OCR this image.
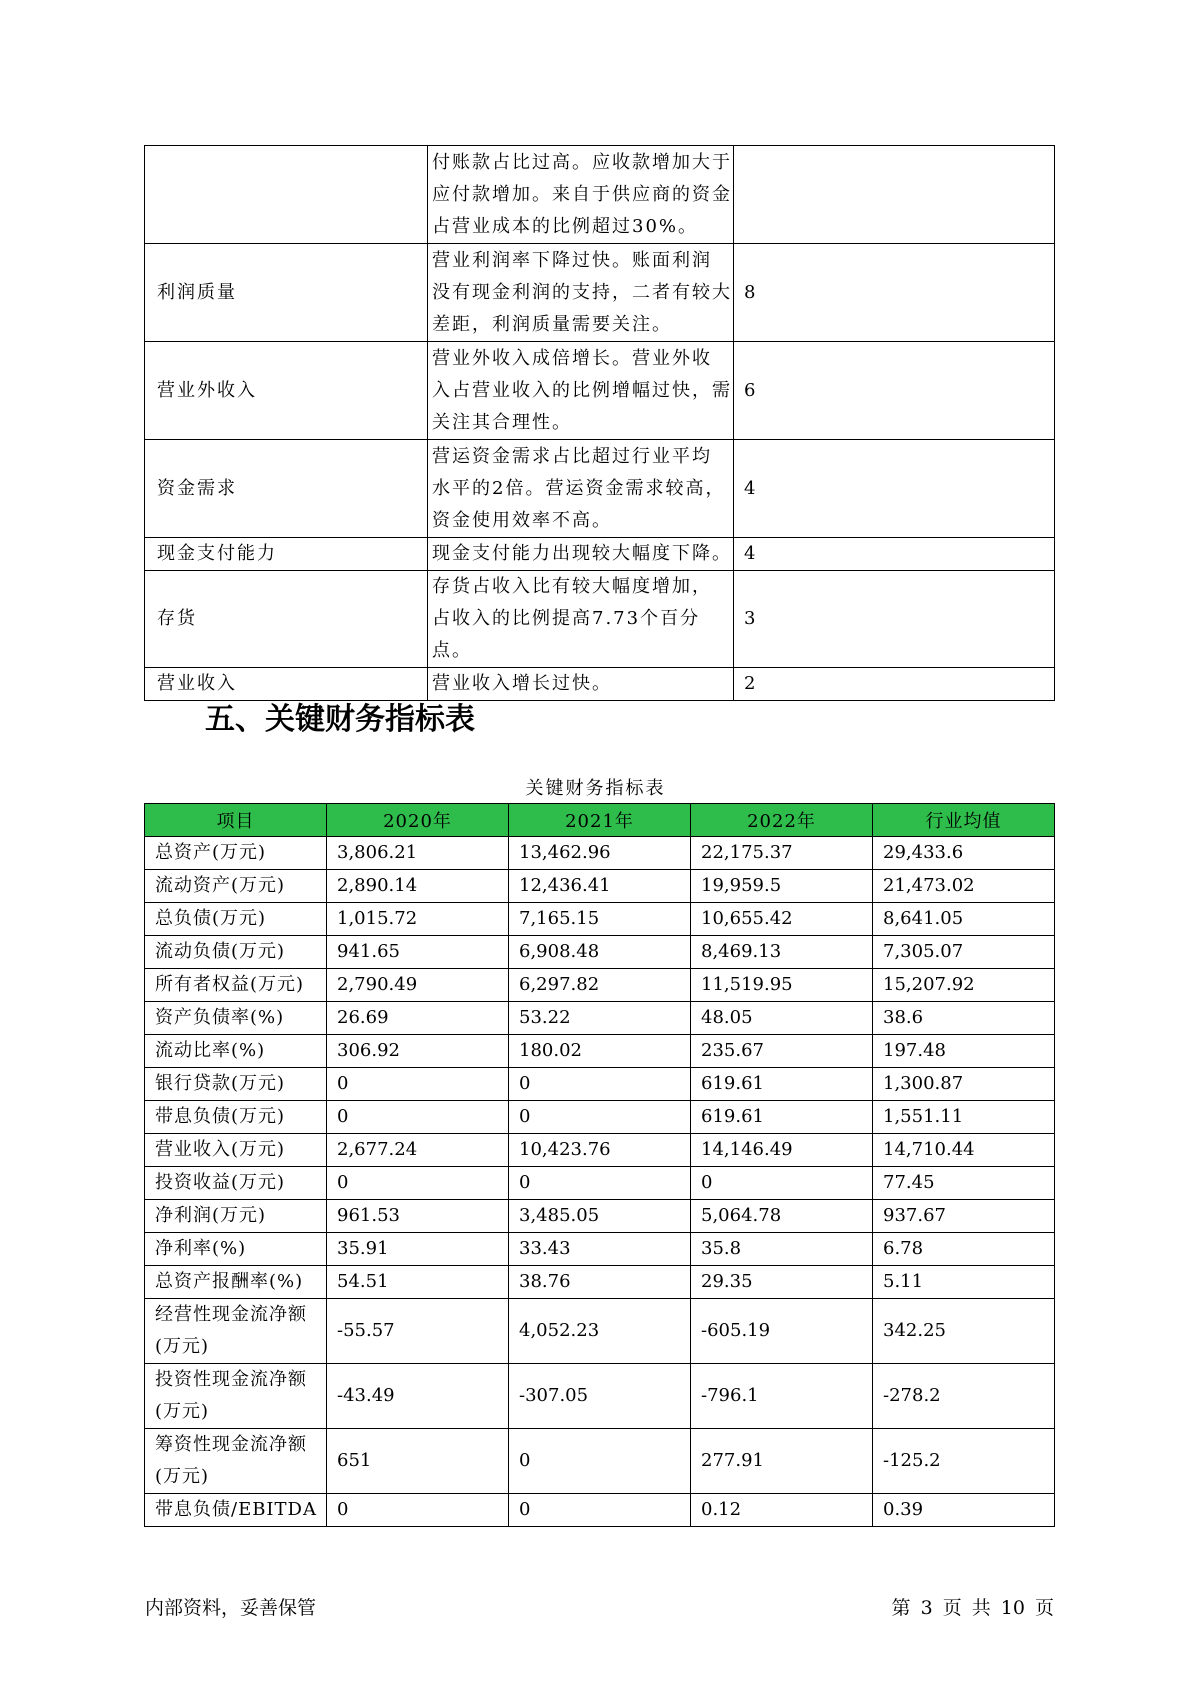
	付账款占比过高。应收款增加大于
应付款增加。来自于供应商的资金
占营业成本的比例超过30%。	
利润质量	营业利润率下降过快。账面利润
没有现金利润的支持，二者有较大
差距，利润质量需要关注。	8
营业外收入	营业外收入成倍增长。营业外收
入占营业收入的比例增幅过快，需
关注其合理性。	6
资金需求	营运资金需求占比超过行业平均
水平的2倍。营运资金需求较高，
资金使用效率不高。	4
现金支付能力	现金支付能力出现较大幅度下降。	4
存货	存货占收入比有较大幅度增加，
占收入的比例提高7.73个百分点。	3
营业收入	营业收入增长过快。	2
五、关键财务指标表
关键财务指标表
项目	2020年	2021年	2022年	行业均值
总资产(万元)	3,806.21	13,462.96	22,175.37	29,433.6
流动资产(万元)	2,890.14	12,436.41	19,959.5	21,473.02
总负债(万元)	1,015.72	7,165.15	10,655.42	8,641.05
流动负债(万元)	941.65	6,908.48	8,469.13	7,305.07
所有者权益(万元)	2,790.49	6,297.82	11,519.95	15,207.92
资产负债率(%)	26.69	53.22	48.05	38.6
流动比率(%)	306.92	180.02	235.67	197.48
银行贷款(万元)	0	0	619.61	1,300.87
带息负债(万元)	0	0	619.61	1,551.11
营业收入(万元)	2,677.24	10,423.76	14,146.49	14,710.44
投资收益(万元)	0	0	0	77.45
净利润(万元)	961.53	3,485.05	5,064.78	937.67
净利率(%)	35.91	33.43	35.8	6.78
总资产报酬率(%)	54.51	38.76	29.35	5.11
经营性现金流净额
(万元)	-55.57	4,052.23	-605.19	342.25
投资性现金流净额
(万元)	-43.49	-307.05	-796.1	-278.2
筹资性现金流净额
(万元)	651	0	277.91	-125.2
带息负债/EBITDA	0	0	0.12	0.39
内部资料，妥善保管	第 3 页 共 10 页
